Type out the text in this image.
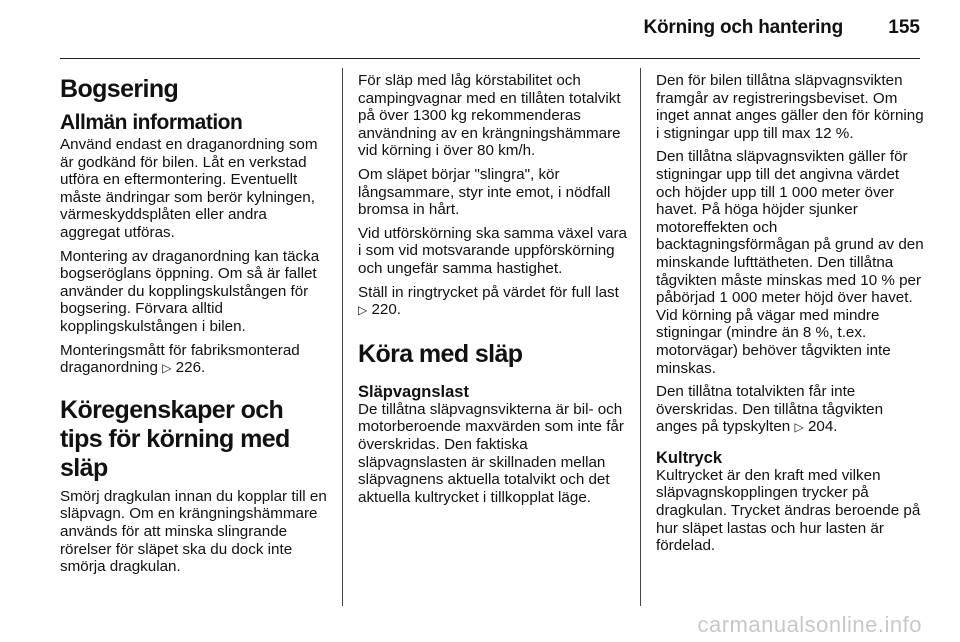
Körning och hantering 155
Bogsering
Allmän information

Använd endast en draganordning som är godkänd för bilen. Låt en verkstad utföra en eftermontering. Eventuellt måste ändringar som berör kylningen, värmeskyddsplåten eller andra aggregat utföras.

Montering av draganordning kan täcka bogseröglans öppning. Om så är fallet använder du kopplingskulstången för bogsering. Förvara alltid kopplingskulstången i bilen.

Monteringsmått för fabriksmonterad draganordning ▷ 226.

Köregenskaper och tips för körning med släp

Smörj dragkulan innan du kopplar till en släpvagn. Om en krängningshämmare används för att minska slingrande rörelser för släpet ska du dock inte smörja dragkulan.

För släp med låg körstabilitet och campingvagnar med en tillåten totalvikt på över 1300 kg rekommenderas användning av en krängningshämmare vid körning i över 80 km/h.

Om släpet börjar "slingra", kör långsammare, styr inte emot, i nödfall bromsa in hårt.

Vid utförskörning ska samma växel vara i som vid motsvarande uppförskörning och ungefär samma hastighet.

Ställ in ringtrycket på värdet för full last ▷ 220.

Köra med släp
Släpvagnslast

De tillåtna släpvagnsvikterna är bil- och motorberoende maxvärden som inte får överskridas. Den faktiska släpvagnslasten är skillnaden mellan släpvagnens aktuella totalvikt och det aktuella kultrycket i tillkopplat läge.

Den för bilen tillåtna släpvagnsvikten framgår av registreringsbeviset. Om inget annat anges gäller den för körning i stigningar upp till max 12 %.

Den tillåtna släpvagnsvikten gäller för stigningar upp till det angivna värdet och höjder upp till 1 000 meter över havet. På höga höjder sjunker motoreffekten och backtagningsförmågan på grund av den minskande lufttätheten. Den tillåtna tågvikten måste minskas med 10 % per påbörjad 1 000 meter höjd över havet. Vid körning på vägar med mindre stigningar (mindre än 8 %, t.ex. motorvägar) behöver tågvikten inte minskas.

Den tillåtna totalvikten får inte överskridas. Den tillåtna tågvikten anges på typskylten ▷ 204.

Kultryck

Kultrycket är den kraft med vilken släpvagnskopplingen trycker på dragkulan. Trycket ändras beroende på hur släpet lastas och hur lasten är fördelad.

carmanualsonline.info
